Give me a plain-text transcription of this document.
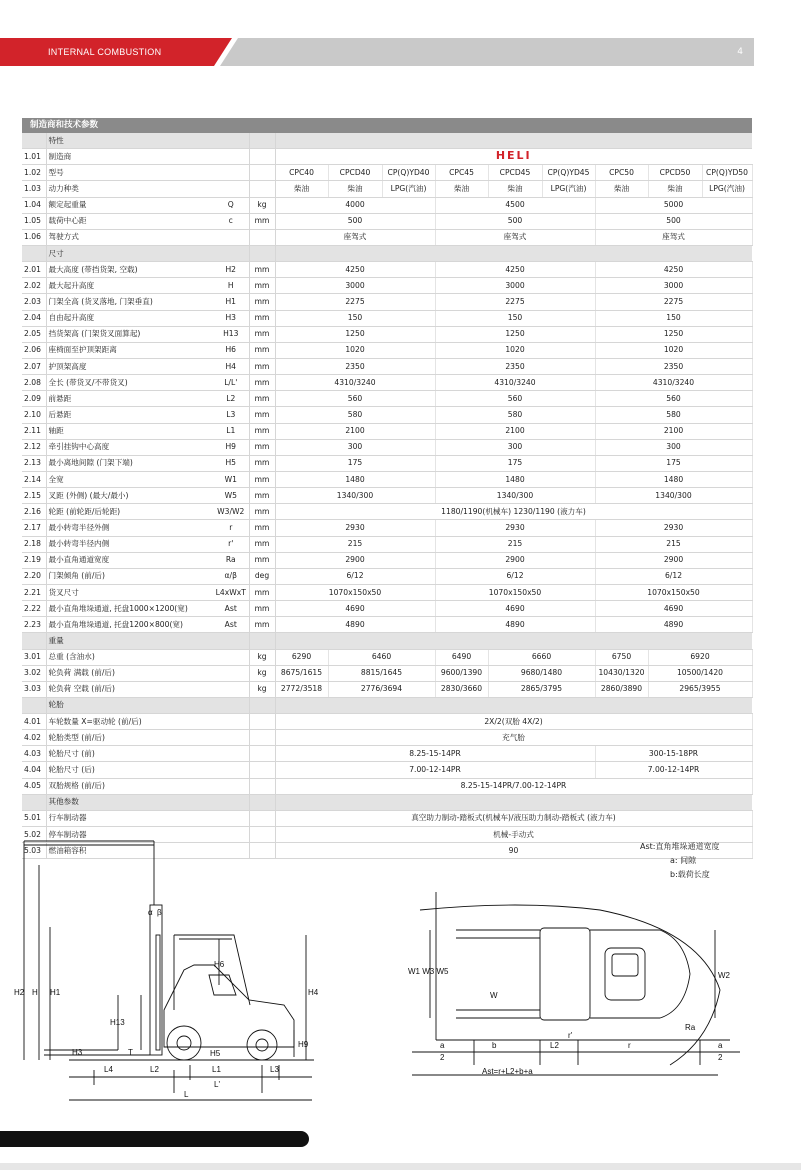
INTERNAL COMBUSTION	4
制造商和技术参数
	特性											
1.01	制造商			HELI								
1.02	型号			CPC40	CPCD40	CP(Q)YD40	CPC45	CPCD45	CP(Q)YD45	CPC50	CPCD50	CP(Q)YD50
1.03	动力种类			柴油	柴油	LPG(汽油)	柴油	柴油	LPG(汽油)	柴油	柴油	LPG(汽油)
1.04	额定起重量	Q	kg	4000			4500			5000		
1.05	载荷中心距	c	mm	500			500			500		
1.06	驾驶方式			座驾式			座驾式			座驾式		
	尺寸											
2.01	最大高度 (带挡货架, 空载)	H2	mm	4250			4250			4250		
2.02	最大起升高度	H	mm	3000			3000			3000		
2.03	门架全高 (货叉落地, 门架垂直)	H1	mm	2275			2275			2275		
2.04	自由起升高度	H3	mm	150			150			150		
2.05	挡货架高 (门架货叉面算起)	H13	mm	1250			1250			1250		
2.06	座椅面至护顶架距离	H6	mm	1020			1020			1020		
2.07	护顶架高度	H4	mm	2350			2350			2350		
2.08	全长 (带货叉/不带货叉)	L/L'	mm	4310/3240			4310/3240			4310/3240		
2.09	前悬距	L2	mm	560			560			560		
2.10	后悬距	L3	mm	580			580			580		
2.11	轴距	L1	mm	2100			2100			2100		
2.12	牵引挂钩中心高度	H9	mm	300			300			300		
2.13	最小离地间隙 (门架下端)	H5	mm	175			175			175		
2.14	全宽	W1	mm	1480			1480			1480		
2.15	叉距 (外侧) (最大/最小)	W5	mm	1340/300			1340/300			1340/300		
2.16	轮距 (前轮距/后轮距)	W3/W2	mm	1180/1190(机械车) 1230/1190 (液力车)								
2.17	最小转弯半径外侧	r	mm	2930			2930			2930		
2.18	最小转弯半径内侧	r'	mm	215			215			215		
2.19	最小直角通道宽度	Ra	mm	2900			2900			2900		
2.20	门架倾角 (前/后)	α/β	deg	6/12			6/12			6/12		
2.21	货叉尺寸	L4xWxT	mm	1070x150x50			1070x150x50			1070x150x50		
2.22	最小直角堆垛通道, 托盘1000×1200(宽)	Ast	mm	4690			4690			4690		
2.23	最小直角堆垛通道, 托盘1200×800(宽)	Ast	mm	4890			4890			4890		
	重量											
3.01	总重 (含油水)		kg	6290	6460		6490	6660		6750	6920	
3.02	轮负荷 满载 (前/后)		kg	8675/1615	8815/1645		9600/1390	9680/1480		10430/1320	10500/1420	
3.03	轮负荷 空载 (前/后)		kg	2772/3518	2776/3694		2830/3660	2865/3795		2860/3890	2965/3955	
	轮胎											
4.01	车轮数量 X=驱动轮 (前/后)			2X/2(双胎 4X/2)								
4.02	轮胎类型 (前/后)			充气胎								
4.03	轮胎尺寸 (前)			8.25-15-14PR						300-15-18PR		
4.04	轮胎尺寸 (后)			7.00-12-14PR						7.00-12-14PR		
4.05	双胎规格 (前/后)			8.25-15-14PR/7.00-12-14PR								
	其他参数											
5.01	行车制动器			真空助力制动-踏板式(机械车)/液压助力制动-踏板式 (液力车)								
5.02	停车制动器			机械-手动式								
5.03	燃油箱容积			90								
H2 H H1	H4
H6
H13
H3	H5
H9
T
α β
L4	L2	L1	L3
L'
L
W1 W3 W5
W
W2
Ra
r'
a
2
b	L2	r	a
2
Ast=r+L2+b+a
Ast:直角堆垛通道宽度
a: 间隙
b:载荷长度
